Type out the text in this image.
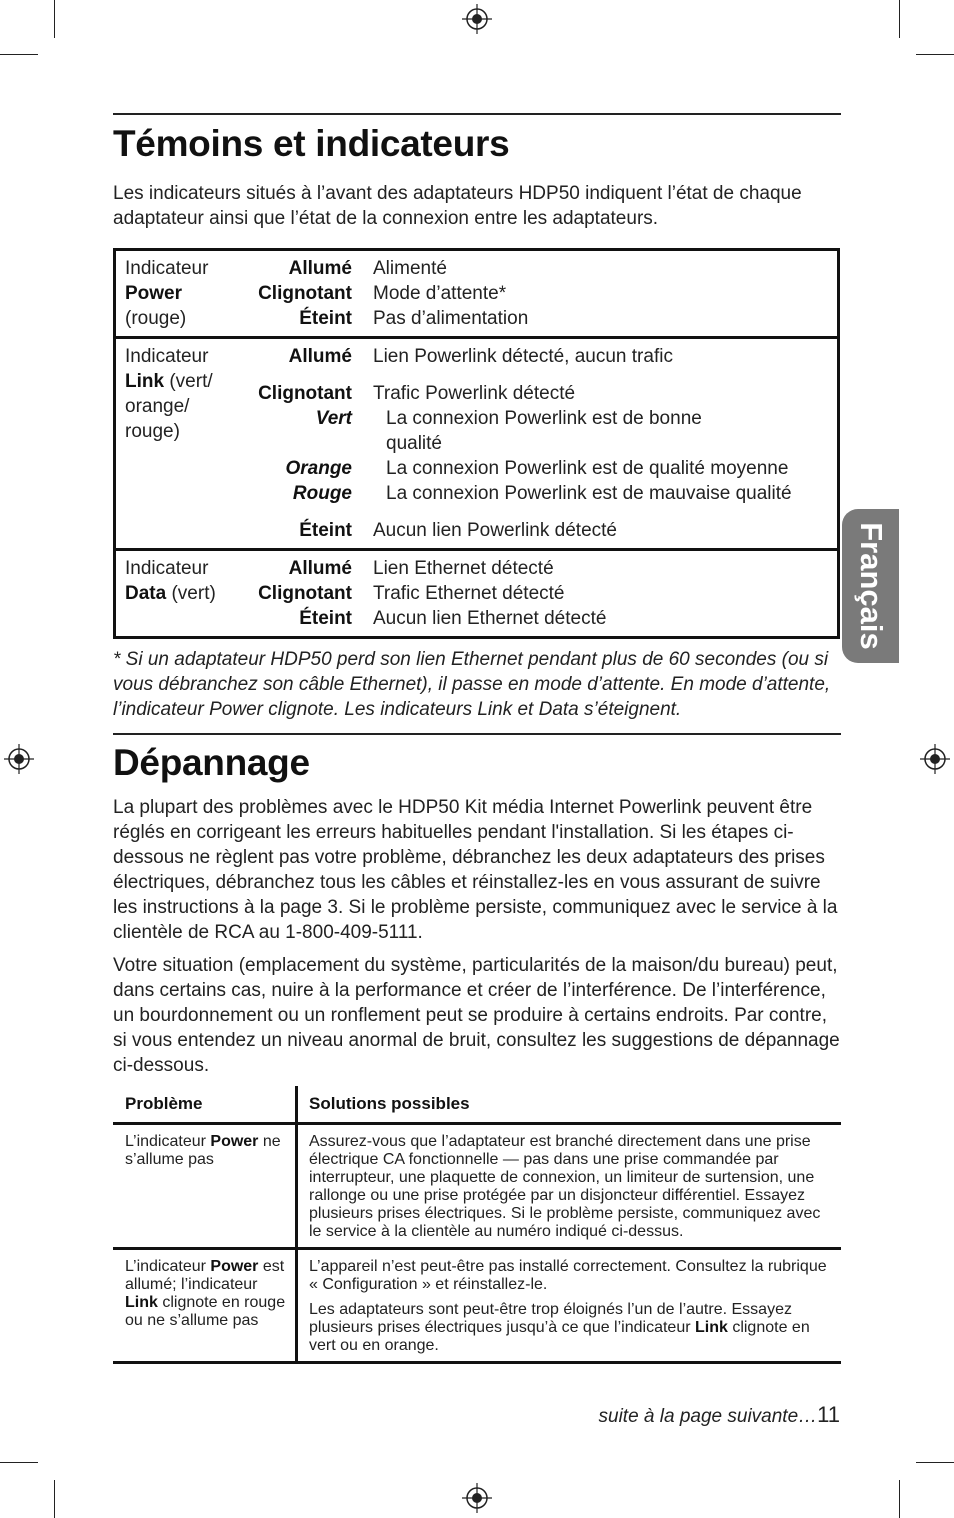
Français
Témoins et indicateurs

Les indicateurs situés à l’avant des adaptateurs HDP50 indiquent l’état de chaque adaptateur ainsi que l’état de la connexion entre les adaptateurs.

Indicateur
Power
(rouge)
Allumé
Clignotant
Éteint
Alimenté
Mode d’attente*
Pas d’alimentation
Indicateur
Link (vert/
orange/
rouge)
Allumé
Clignotant
Vert

Orange
Rouge
Éteint
Lien Powerlink détecté, aucun trafic
Trafic Powerlink détecté
La connexion Powerlink est de bonne
qualité
La connexion Powerlink est de qualité moyenne
La connexion Powerlink est de mauvaise qualité
Aucun lien Powerlink détecté
Indicateur
Data (vert)
Allumé
Clignotant
Éteint
Lien Ethernet détecté
Trafic Ethernet détecté
Aucun lien Ethernet détecté

* Si un adaptateur HDP50 perd son lien Ethernet pendant plus de 60 secondes (ou si vous débranchez son câble Ethernet), il passe en mode d’attente. En mode d’attente, l’indicateur Power clignote. Les indicateurs Link et Data s’éteignent.

Dépannage

La plupart des problèmes avec le HDP50 Kit média Internet Powerlink peuvent être réglés en corrigeant les erreurs habituelles pendant l'installation. Si les étapes ci-dessous ne règlent pas votre problème, débranchez les deux adaptateurs des prises électriques, débranchez tous les câbles et réinstallez-les en vous assurant de suivre les instructions à la page 3. Si le problème persiste, communiquez avec le service à la clientèle de RCA au 1-800-409-5111.

Votre situation (emplacement du système, particularités de la maison/du bureau) peut, dans certains cas, nuire à la performance et créer de l’interférence. De l’interférence, un bourdonnement ou un ronflement peut se produire à certains endroits. Par contre, si vous entendez un niveau anormal de bruit, consultez les suggestions de dépannage ci-dessous.

Problème	Solutions possibles
L’indicateur Power ne s’allume pas

Assurez-vous que l’adaptateur est branché directement dans une prise électrique CA fonctionnelle — pas dans une prise commandée par interrupteur, une plaquette de connexion, un limiteur de surtension, une rallonge ou une prise protégée par un disjoncteur différentiel. Essayez plusieurs prises électriques. Si le problème persiste, communiquez avec le service à la clientèle au numéro indiqué ci-dessus.

L’indicateur Power est allumé; l’indicateur Link clignote en rouge ou ne s’allume pas

L’appareil n’est peut-être pas installé correctement. Consultez la rubrique « Configuration » et réinstallez-le.

Les adaptateurs sont peut-être trop éloignés l’un de l’autre. Essayez plusieurs prises électriques jusqu’à ce que l’indicateur Link clignote en vert ou en orange.

suite à la page suivante…11
